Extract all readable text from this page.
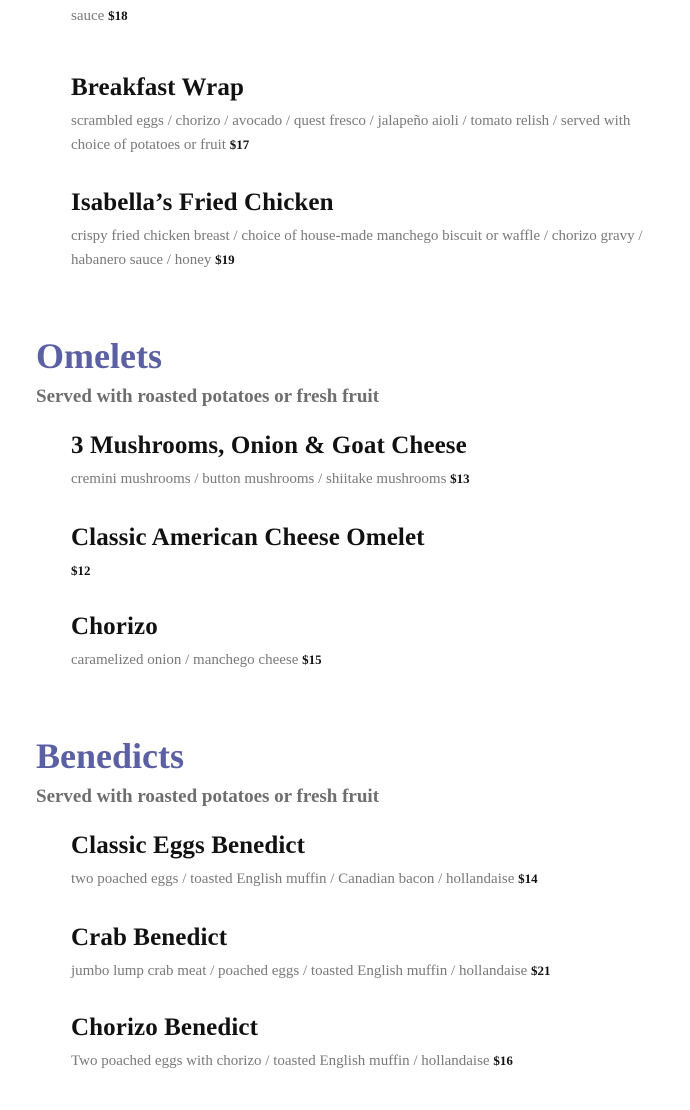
sauce $18
Breakfast Wrap
scrambled eggs / chorizo / avocado / quest fresco / jalapeño aioli / tomato relish / served with choice of potatoes or fruit $17
Isabella’s Fried Chicken
crispy fried chicken breast / choice of house-made manchego biscuit or waffle / chorizo gravy / habanero sauce / honey $19
Omelets
Served with roasted potatoes or fresh fruit
3 Mushrooms, Onion & Goat Cheese
cremini mushrooms / button mushrooms / shiitake mushrooms $13
Classic American Cheese Omelet
$12
Chorizo
caramelized onion / manchego cheese $15
Benedicts
Served with roasted potatoes or fresh fruit
Classic Eggs Benedict
two poached eggs / toasted English muffin / Canadian bacon / hollandaise $14
Crab Benedict
jumbo lump crab meat / poached eggs / toasted English muffin / hollandaise $21
Chorizo Benedict
Two poached eggs with chorizo / toasted English muffin / hollandaise $16
